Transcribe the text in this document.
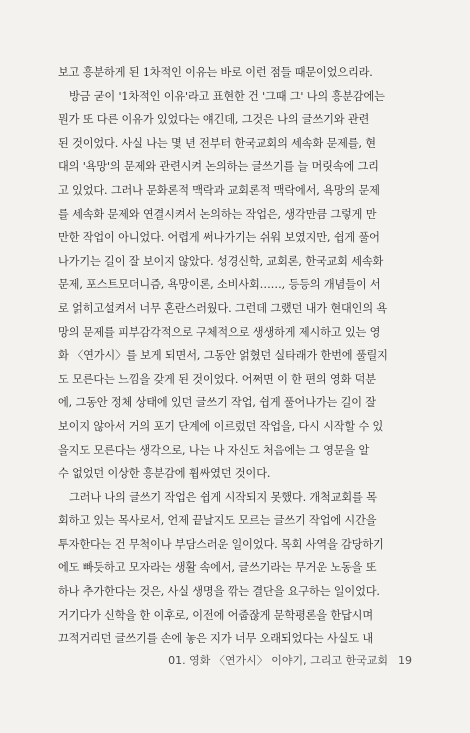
보고 흥분하게 된 1차적인 이유는 바로 이런 점들 때문이었으리라.
방금 굳이 '1차적인 이유'라고 표현한 건 '그때 그' 나의 흥분감에는
뭔가 또 다른 이유가 있었다는 얘긴데, 그것은 나의 글쓰기와 관련
된 것이었다. 사실 나는 몇 년 전부터 한국교회의 세속화 문제를, 현
대의 '욕망'의 문제와 관련시켜 논의하는 글쓰기를 늘 머릿속에 그리
고 있었다. 그러나 문화론적 맥락과 교회론적 맥락에서, 욕망의 문제
를 세속화 문제와 연결시켜서 논의하는 작업은, 생각만큼 그렇게 만
만한 작업이 아니었다. 어렵게 써나가기는 쉬워 보였지만, 쉽게 풀어
나가기는 길이 잘 보이지 않았다. 성경신학, 교회론, 한국교회 세속화
문제, 포스트모더니즘, 욕망이론, 소비사회……, 등등의 개념들이 서
로 얽히고설켜서 너무 혼란스러웠다. 그런데 그랬던 내가 현대인의 욕
망의 문제를 피부감각적으로 구체적으로 생생하게 제시하고 있는 영
화 〈연가시〉를 보게 되면서, 그동안 얽혔던 실타래가 한번에 풀릴지
도 모른다는 느낌을 갖게 된 것이었다. 어쩌면 이 한 편의 영화 덕분
에, 그동안 정체 상태에 있던 글쓰기 작업, 쉽게 풀어나가는 길이 잘
보이지 않아서 거의 포기 단계에 이르렀던 작업을, 다시 시작할 수 있
을지도 모른다는 생각으로, 나는 나 자신도 처음에는 그 영문을 알
수 없었던 이상한 흥분감에 휩싸였던 것이다.
그러나 나의 글쓰기 작업은 쉽게 시작되지 못했다. 개척교회를 목
회하고 있는 목사로서, 언제 끝날지도 모르는 글쓰기 작업에 시간을
투자한다는 건 무척이나 부담스러운 일이었다. 목회 사역을 감당하기
에도 빠듯하고 모자라는 생활 속에서, 글쓰기라는 무거운 노동을 또
하나 추가한다는 것은, 사실 생명을 깎는 결단을 요구하는 일이었다.
거기다가 신학을 한 이후로, 이전에 어줍잖게 문학평론을 한답시며
끄적거리던 글쓰기를 손에 놓은 지가 너무 오래되었다는 사실도 내
01. 영화 〈연가시〉 이야기, 그리고 한국교회 19
